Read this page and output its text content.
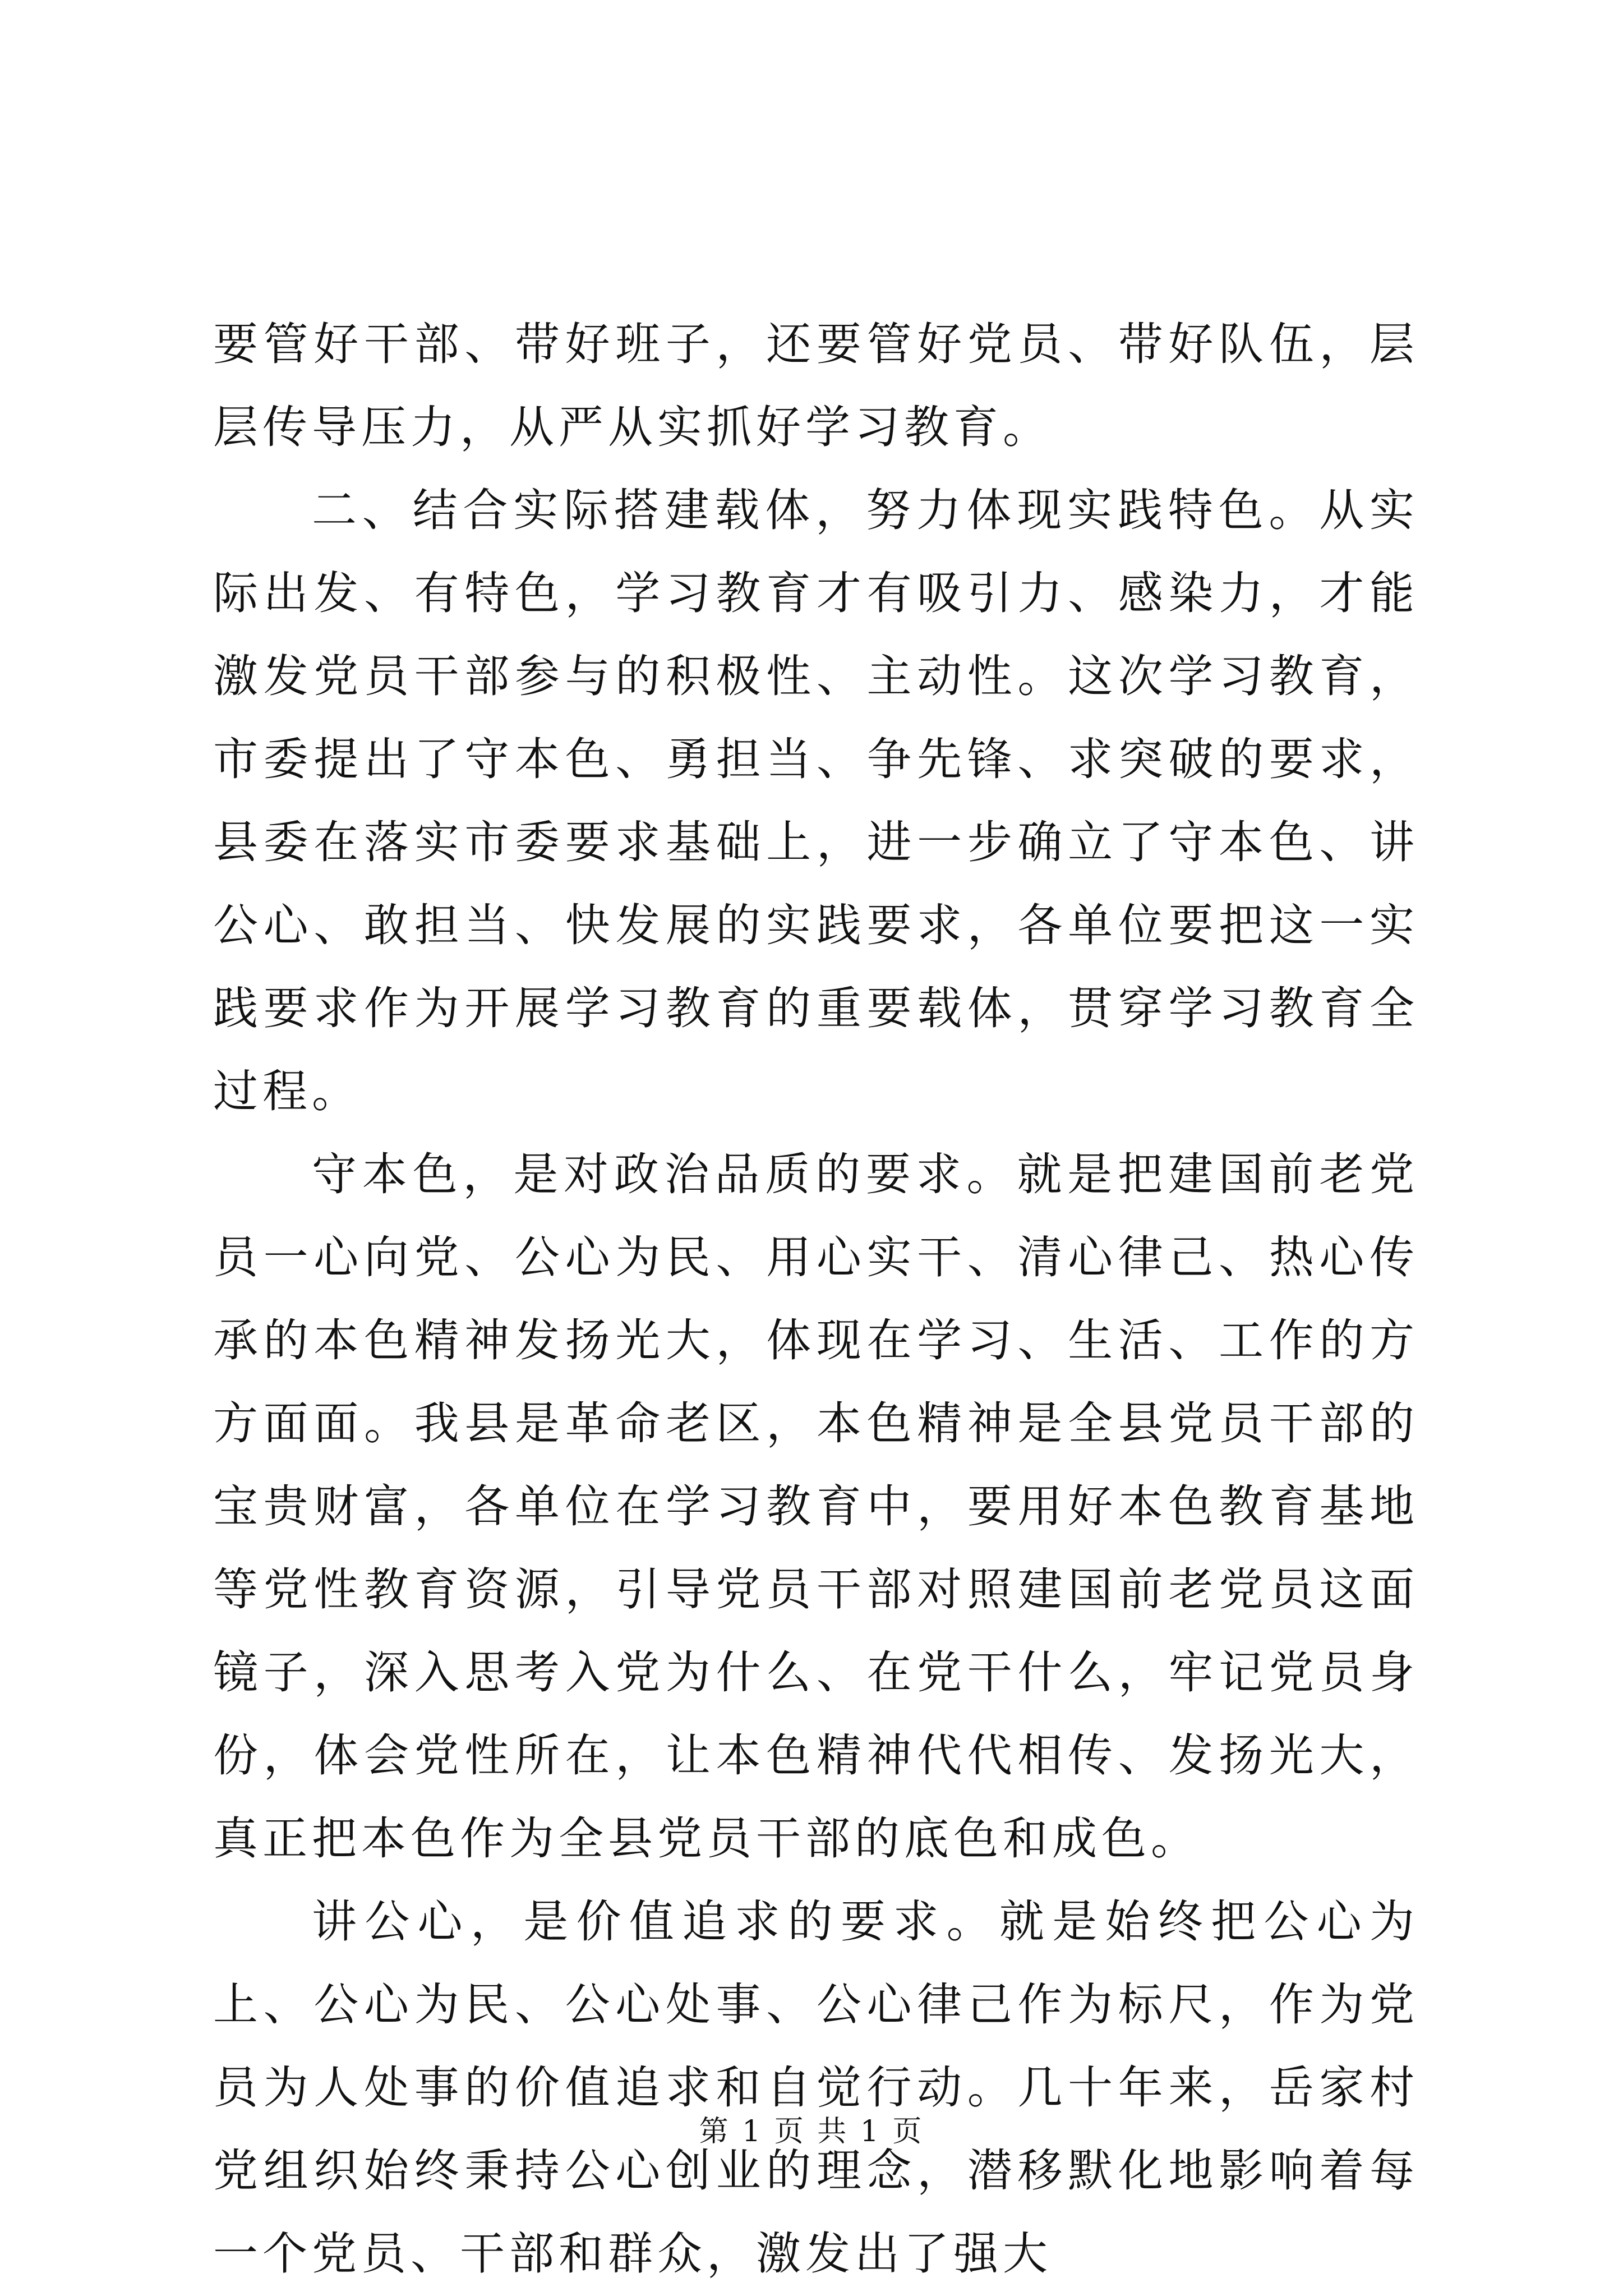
要管好干部、带好班子，还要管好党员、带好队伍，层层传导压力，从严从实抓好学习教育。

二、结合实际搭建载体，努力体现实践特色。从实际出发、有特色，学习教育才有吸引力、感染力，才能激发党员干部参与的积极性、主动性。这次学习教育，市委提出了守本色、勇担当、争先锋、求突破的要求，县委在落实市委要求基础上，进一步确立了守本色、讲公心、敢担当、快发展的实践要求，各单位要把这一实践要求作为开展学习教育的重要载体，贯穿学习教育全过程。

守本色，是对政治品质的要求。就是把建国前老党员一心向党、公心为民、用心实干、清心律己、热心传承的本色精神发扬光大，体现在学习、生活、工作的方方面面。我县是革命老区，本色精神是全县党员干部的宝贵财富，各单位在学习教育中，要用好本色教育基地等党性教育资源，引导党员干部对照建国前老党员这面镜子，深入思考入党为什么、在党干什么，牢记党员身份，体会党性所在，让本色精神代代相传、发扬光大，真正把本色作为全县党员干部的底色和成色。

讲公心，是价值追求的要求。就是始终把公心为上、公心为民、公心处事、公心律己作为标尺，作为党员为人处事的价值追求和自觉行动。几十年来，岳家村党组织始终秉持公心创业的理念，潜移默化地影响着每一个党员、干部和群众，激发出了强大

第 1 页 共 1 页
